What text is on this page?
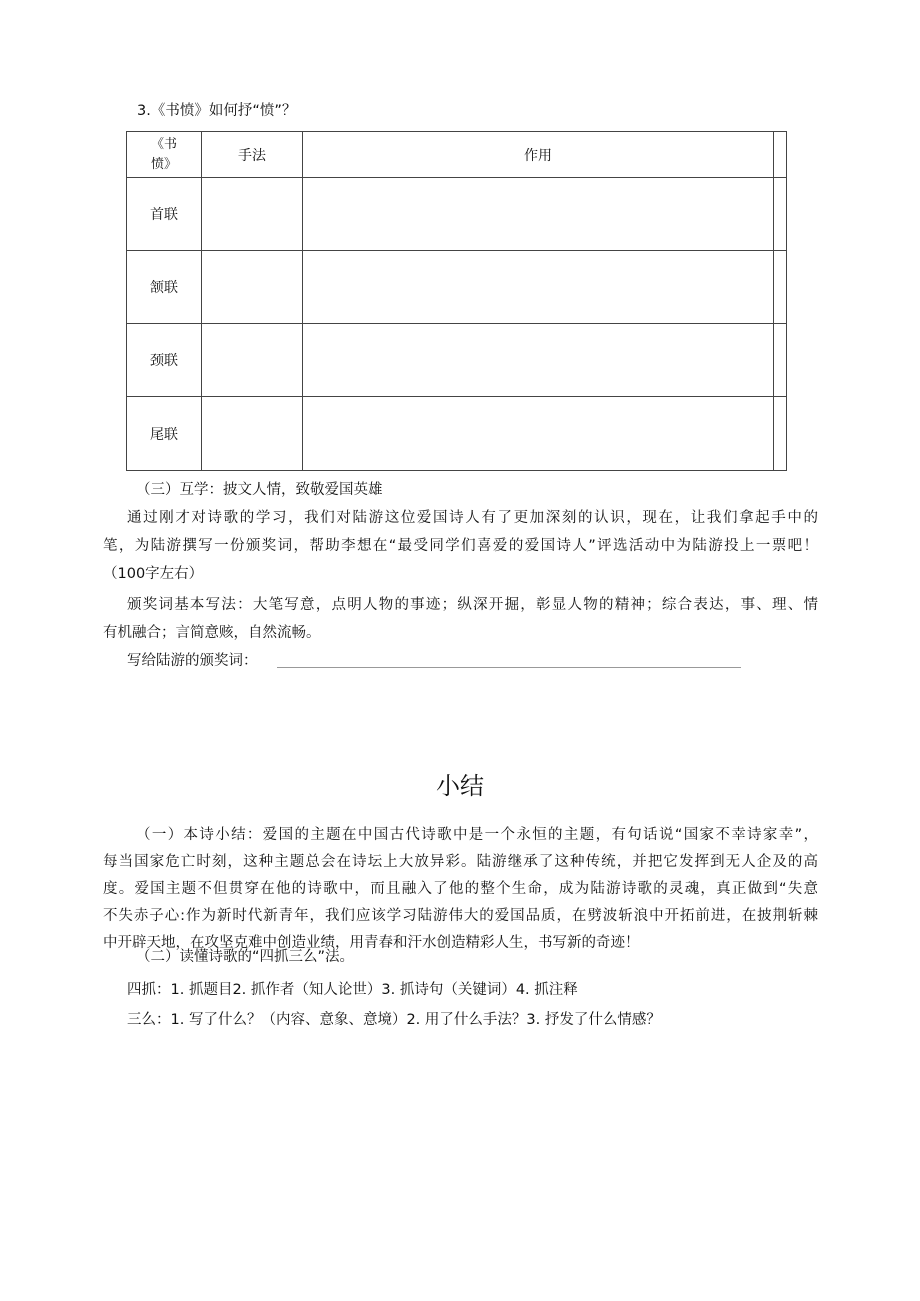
3.《书愤》如何抒“愤”？
《书
愤》	手法	作用	
首联			
颔联			
颈联			
尾联			
（三）互学：披文人情，致敬爱国英雄
通过刚才对诗歌的学习，我们对陆游这位爱国诗人有了更加深刻的认识，现在，让我们拿起手中的
笔，为陆游撰写一份颁奖词，帮助李想在“最受同学们喜爱的爱国诗人”评选活动中为陆游投上一票吧！
（100字左右）
颁奖词基本写法：大笔写意，点明人物的事迹；纵深开掘，彰显人物的精神；综合表达，事、理、情
有机融合；言简意赅，自然流畅。
写给陆游的颁奖词：
小结
（一）本诗小结：爱国的主题在中国古代诗歌中是一个永恒的主题，有句话说“国家不幸诗家幸”，
每当国家危亡时刻，这种主题总会在诗坛上大放异彩。陆游继承了这种传统，并把它发挥到无人企及的高
度。爱国主题不但贯穿在他的诗歌中，而且融入了他的整个生命，成为陆游诗歌的灵魂，真正做到“失意
不失赤子心:作为新时代新青年，我们应该学习陆游伟大的爱国品质，在劈波斩浪中开拓前进，在披荆斩棘
中开辟天地，在攻坚克难中创造业绩，用青春和汗水创造精彩人生，书写新的奇迹！
（二）读懂诗歌的“四抓三么”法。
四抓：1. 抓题目2. 抓作者（知人论世）3. 抓诗句（关键词）4. 抓注释
三么：1. 写了什么？（内容、意象、意境）2. 用了什么手法？3. 抒发了什么情感？
